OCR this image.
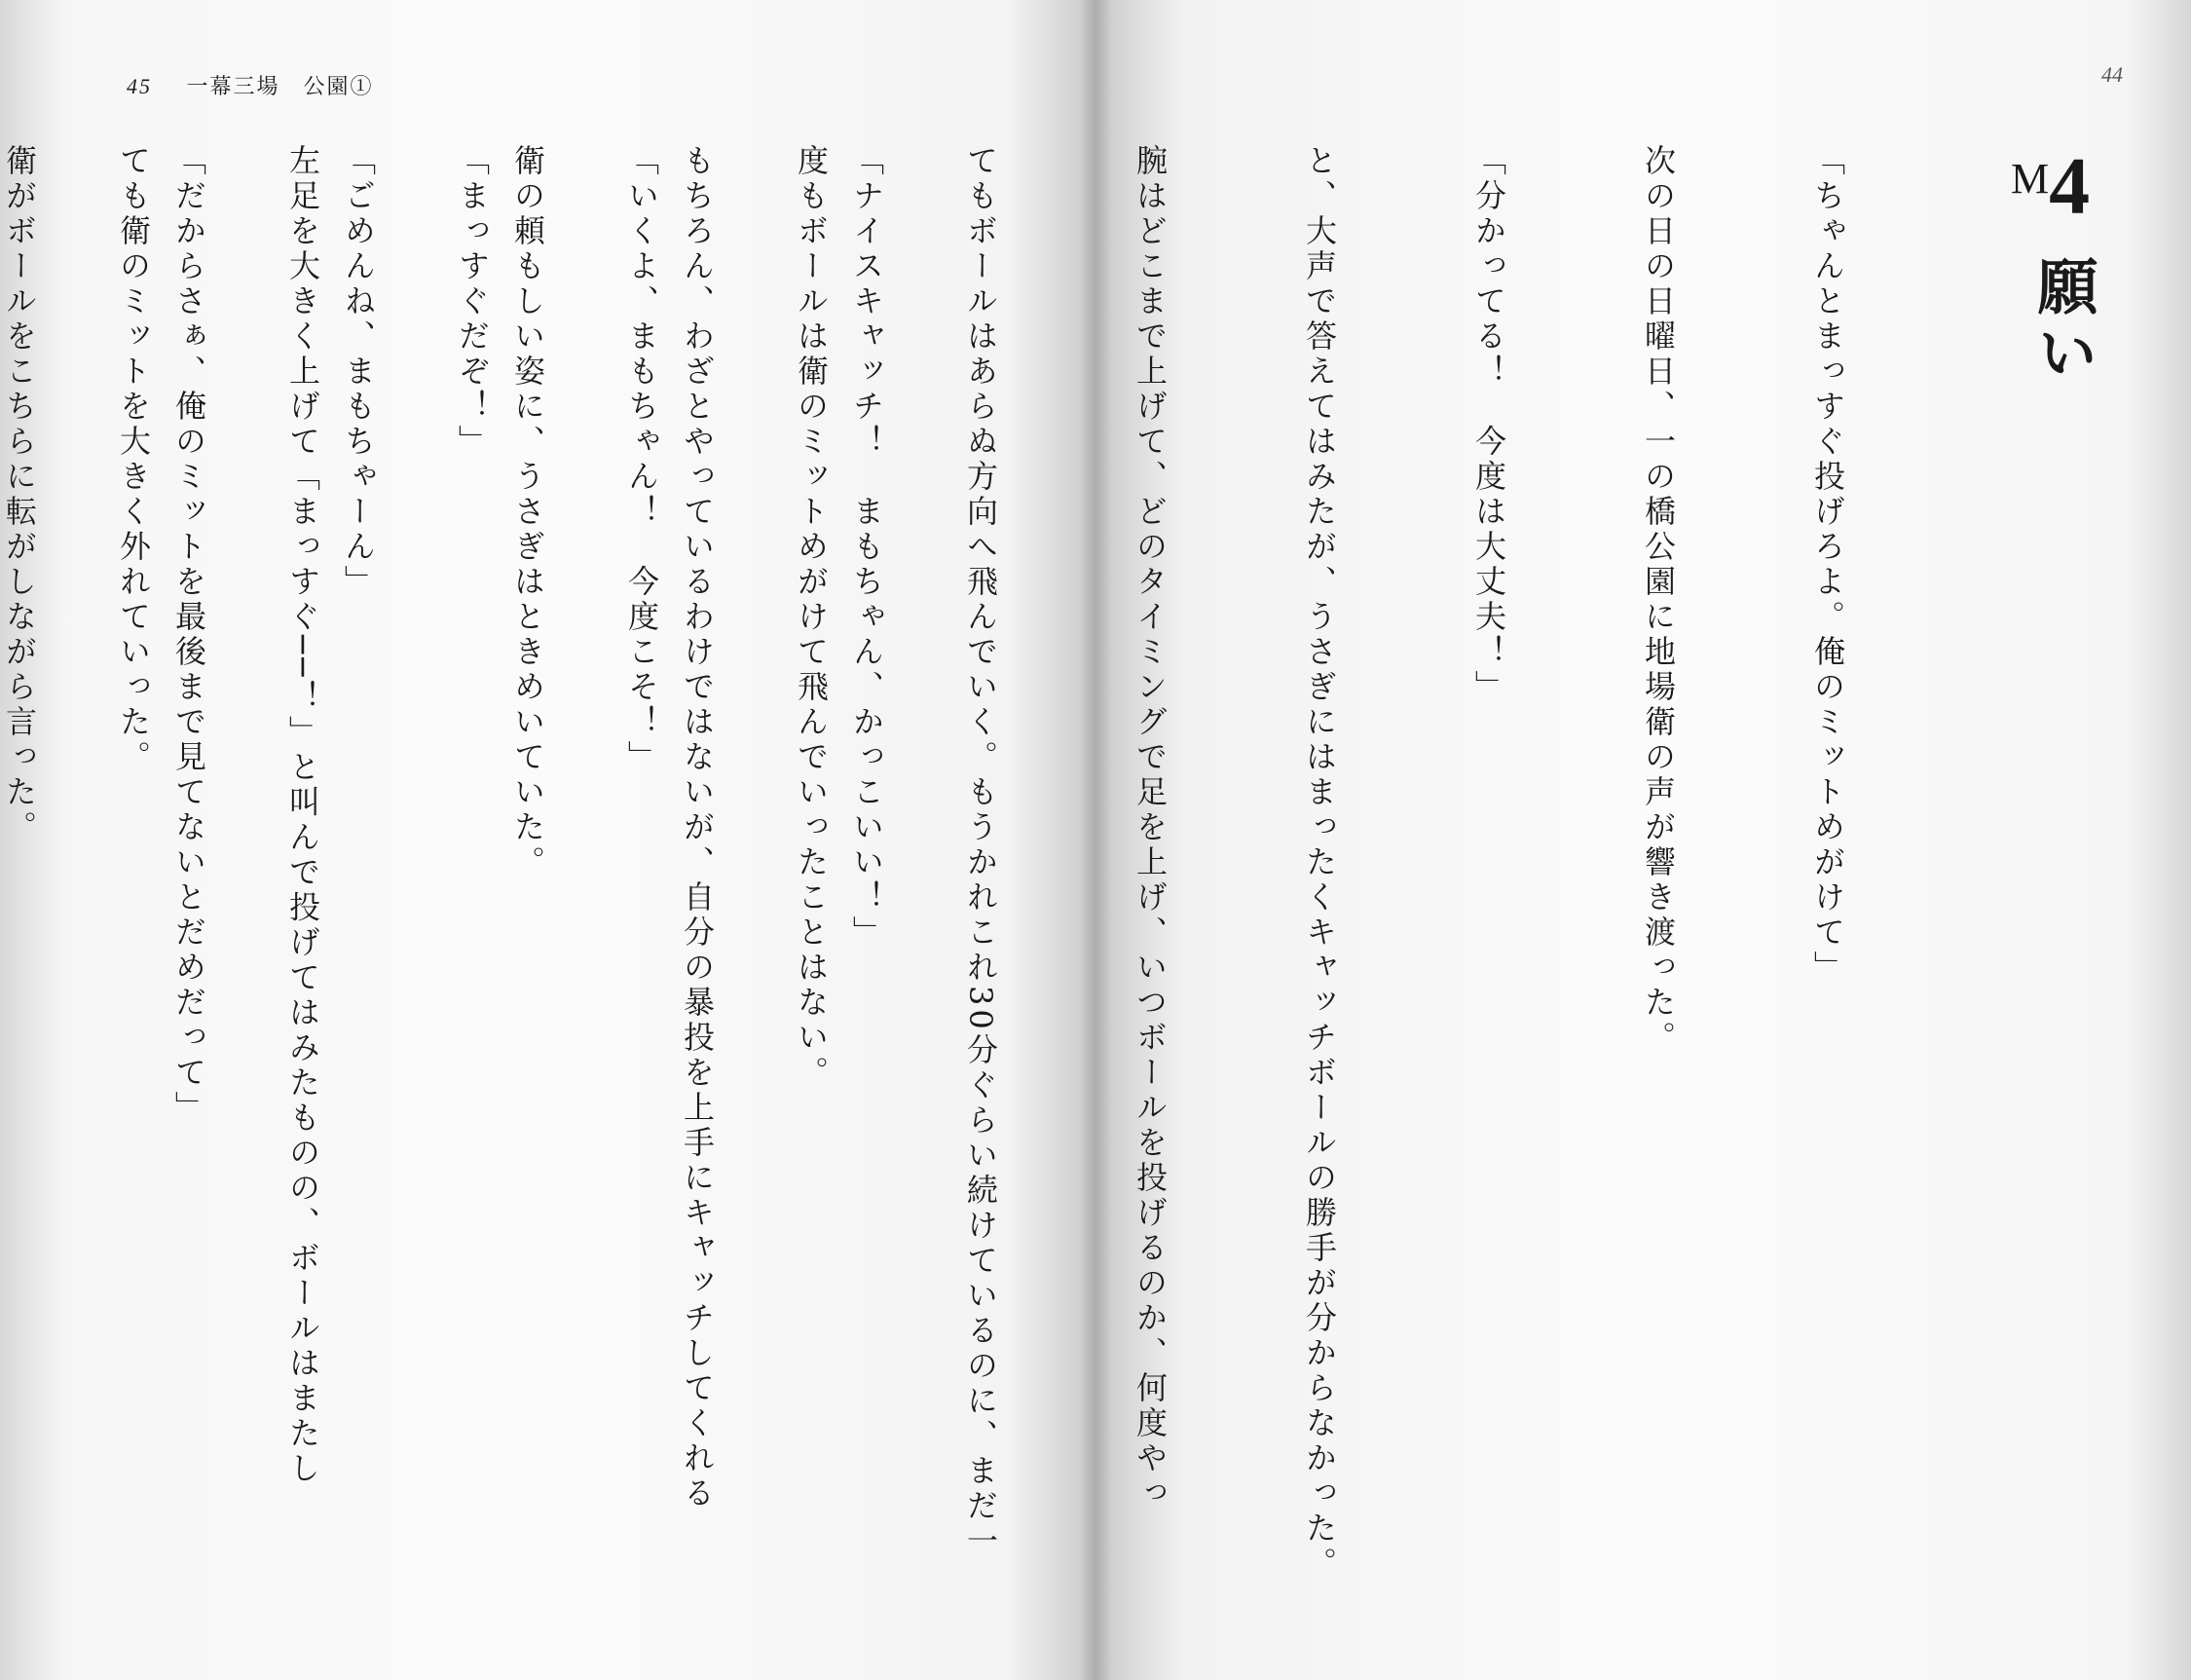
45 一幕三場　公園①

「ナイスキャッチ！　まもちゃん、かっこいい！」

もちろん、わざとやっているわけではないが、自分の暴投を上手にキャッチしてくれる

衛の頼もしい姿に、うさぎはときめいていた。

「ごめんね、まもちゃーん」

「だからさぁ、俺のミットを最後まで見てないとだめだって」

衛がボールをこちらに転がしながら言った。

44
M4
願い

「ちゃんとまっすぐ投げろよ。俺のミットめがけて」

次の日の日曜日、一の橋公園に地場衛の声が響き渡った。

「分かってる！　今度は大丈夫！」

と、大声で答えてはみたが、うさぎにはまったくキャッチボールの勝手が分からなかった。

腕はどこまで上げて、どのタイミングで足を上げ、いつボールを投げるのか、何度やっ

てもボールはあらぬ方向へ飛んでいく。もうかれこれ30分ぐらい続けているのに、まだ一

度もボールは衛のミットめがけて飛んでいったことはない。

「いくよ、まもちゃん！　今度こそ！」

「まっすぐだぞ！」

左足を大きく上げて「まっすぐ──！」と叫んで投げてはみたものの、ボールはまたし

ても衛のミットを大きく外れていった。
